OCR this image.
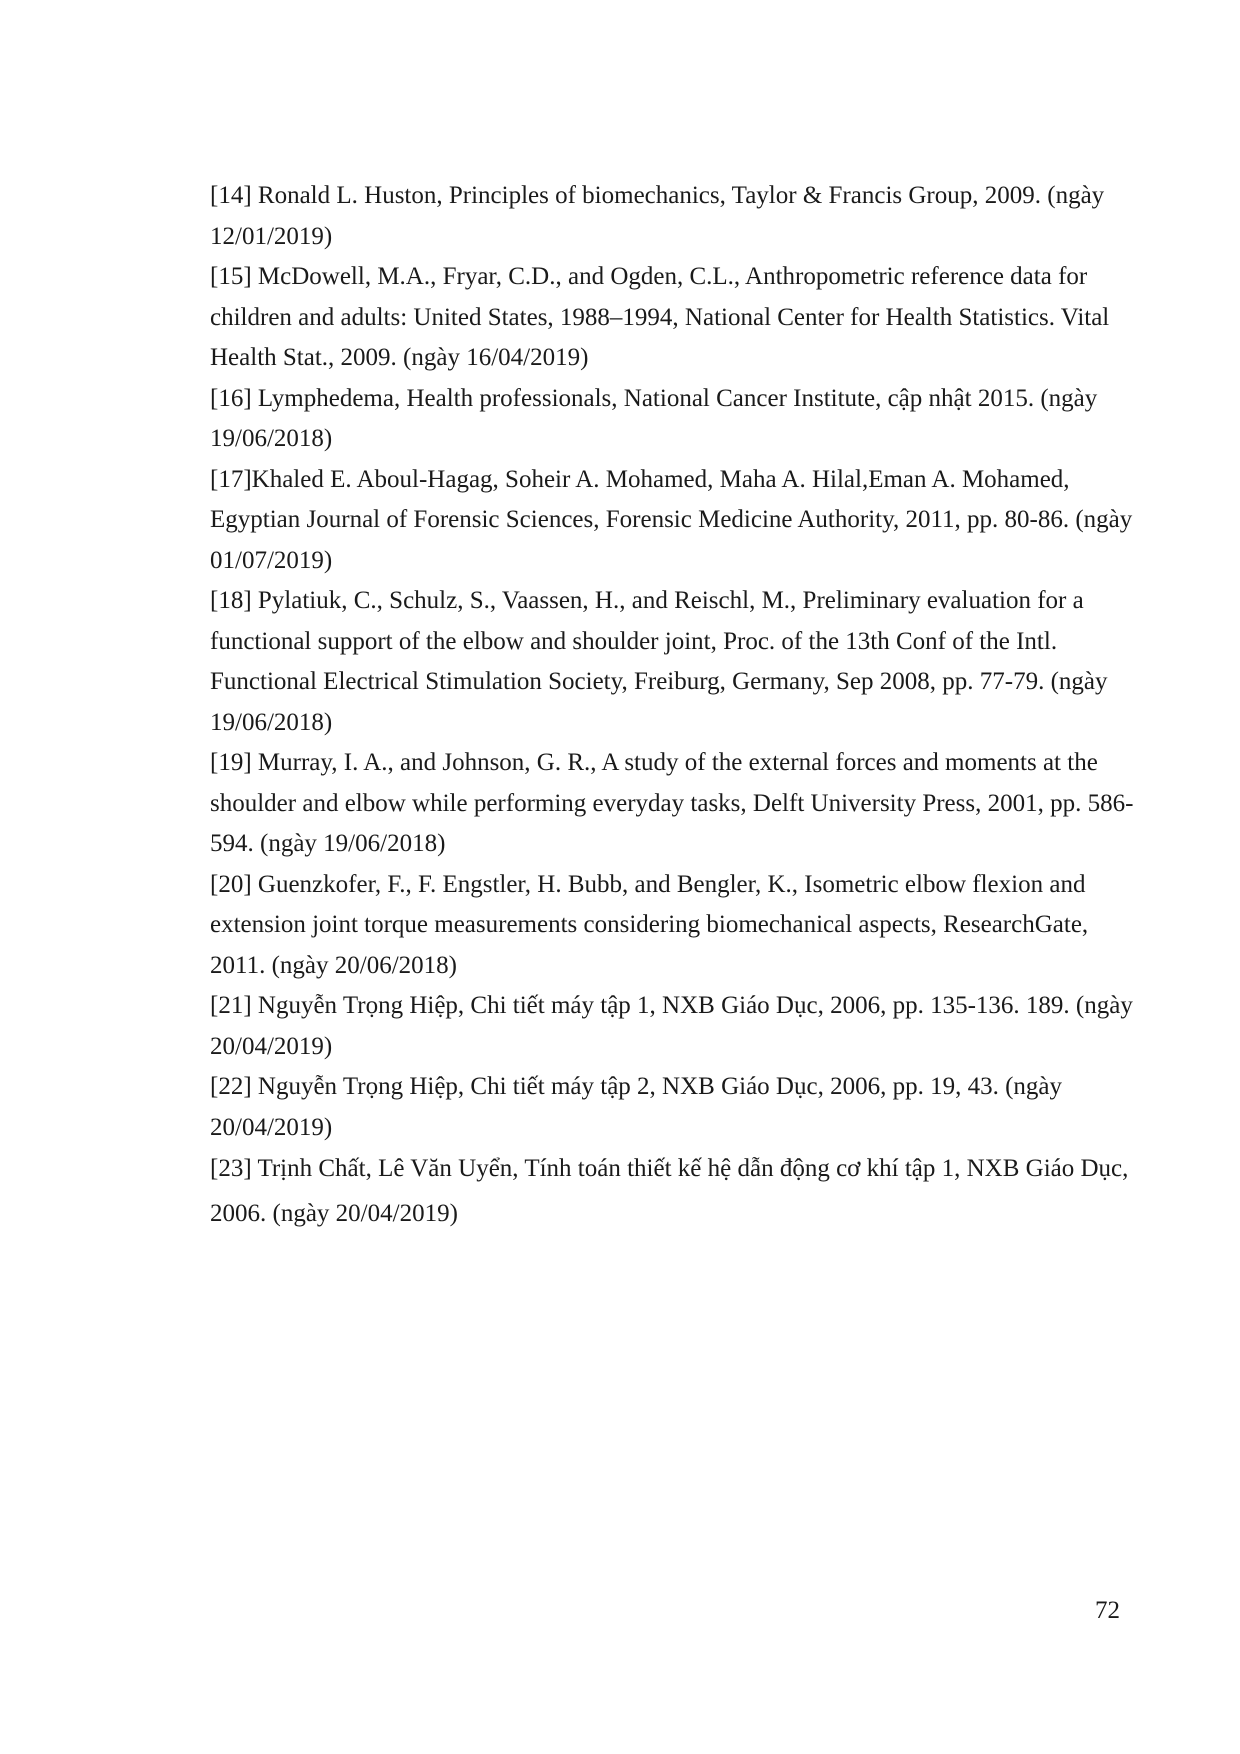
[14] Ronald L. Huston, Principles of biomechanics, Taylor & Francis Group, 2009. (ngày 12/01/2019)

[15] McDowell, M.A., Fryar, C.D., and Ogden, C.L., Anthropometric reference data for children and adults: United States, 1988–1994, National Center for Health Statistics. Vital Health Stat., 2009. (ngày 16/04/2019)

[16] Lymphedema, Health professionals, National Cancer Institute, cập nhật 2015. (ngày 19/06/2018)

[17]Khaled E. Aboul-Hagag, Soheir A. Mohamed, Maha A. Hilal,Eman A. Mohamed, Egyptian Journal of Forensic Sciences, Forensic Medicine Authority, 2011, pp. 80-86. (ngày 01/07/2019)

[18] Pylatiuk, C., Schulz, S., Vaassen, H., and Reischl, M., Preliminary evaluation for a functional support of the elbow and shoulder joint, Proc. of the 13th Conf of the Intl. Functional Electrical Stimulation Society, Freiburg, Germany, Sep 2008, pp. 77-79. (ngày 19/06/2018)

[19] Murray, I. A., and Johnson, G. R., A study of the external forces and moments at the shoulder and elbow while performing everyday tasks, Delft University Press, 2001, pp. 586-594. (ngày 19/06/2018)

[20] Guenzkofer, F., F. Engstler, H. Bubb, and Bengler, K., Isometric elbow flexion and extension joint torque measurements considering biomechanical aspects, ResearchGate, 2011. (ngày 20/06/2018)

[21] Nguyễn Trọng Hiệp, Chi tiết máy tập 1, NXB Giáo Dục, 2006, pp. 135-136. 189. (ngày 20/04/2019)

[22] Nguyễn Trọng Hiệp, Chi tiết máy tập 2, NXB Giáo Dục, 2006, pp. 19, 43. (ngày 20/04/2019)

[23] Trịnh Chất, Lê Văn Uyển, Tính toán thiết kế hệ dẫn động cơ khí tập 1, NXB Giáo Dục, 2006. (ngày 20/04/2019)

72
